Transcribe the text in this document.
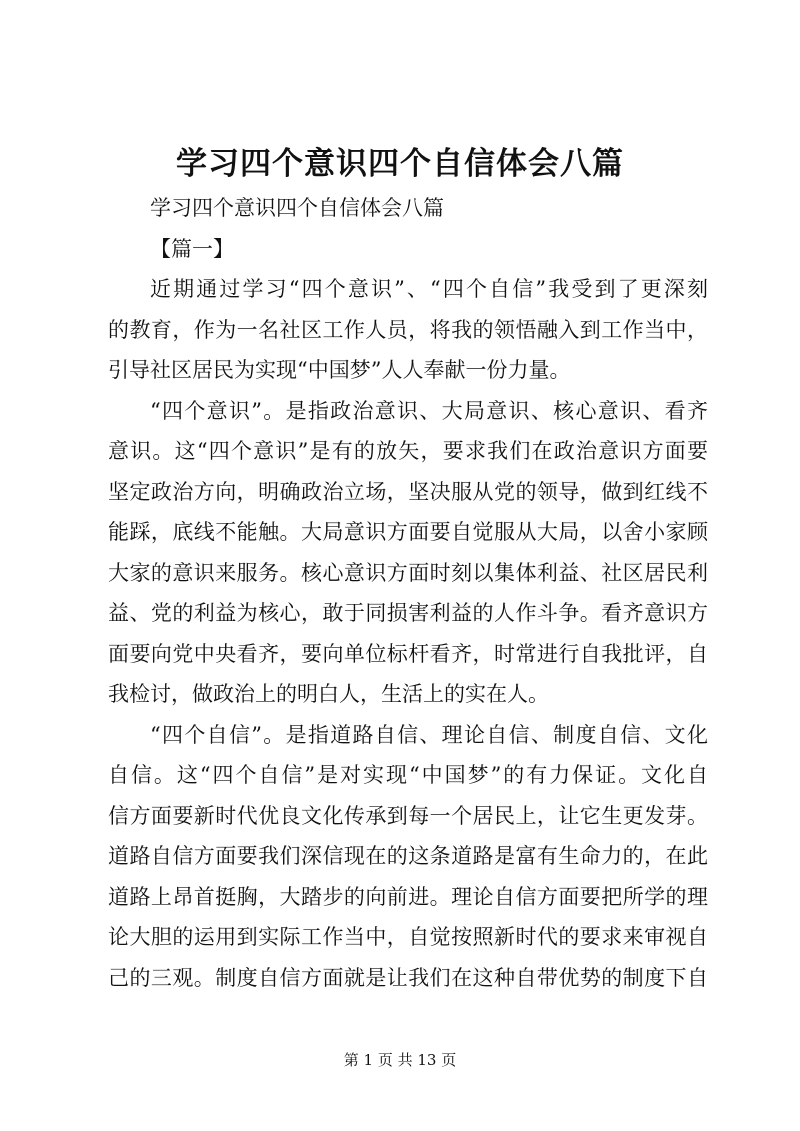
学习四个意识四个自信体会八篇
学习四个意识四个自信体会八篇
【篇一】
近期通过学习“四个意识”、“四个自信”我受到了更深刻
的教育，作为一名社区工作人员，将我的领悟融入到工作当中，
引导社区居民为实现“中国梦”人人奉献一份力量。
“四个意识”。是指政治意识、大局意识、核心意识、看齐
意识。这“四个意识”是有的放矢，要求我们在政治意识方面要
坚定政治方向，明确政治立场，坚决服从党的领导，做到红线不
能踩，底线不能触。大局意识方面要自觉服从大局，以舍小家顾
大家的意识来服务。核心意识方面时刻以集体利益、社区居民利
益、党的利益为核心，敢于同损害利益的人作斗争。看齐意识方
面要向党中央看齐，要向单位标杆看齐，时常进行自我批评，自
我检讨，做政治上的明白人，生活上的实在人。
“四个自信”。是指道路自信、理论自信、制度自信、文化
自信。这“四个自信”是对实现“中国梦”的有力保证。文化自
信方面要新时代优良文化传承到每一个居民上，让它生更发芽。
道路自信方面要我们深信现在的这条道路是富有生命力的，在此
道路上昂首挺胸，大踏步的向前进。理论自信方面要把所学的理
论大胆的运用到实际工作当中，自觉按照新时代的要求来审视自
己的三观。制度自信方面就是让我们在这种自带优势的制度下自
第 1 页 共 13 页
